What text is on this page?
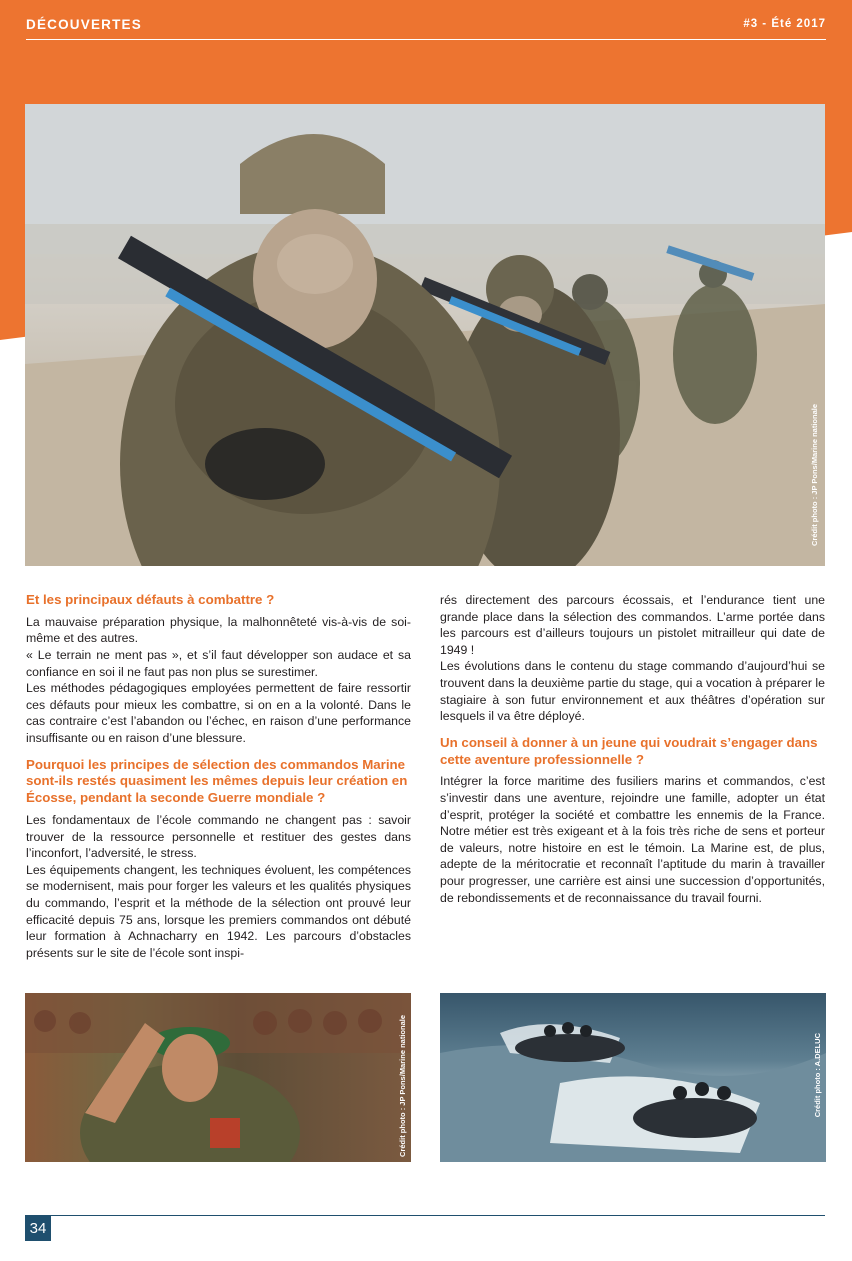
DÉCOUVERTES	#3 - Été 2017
Crédit photo : JP Pons/Marine nationale
Et les principaux défauts à combattre ?

La mauvaise préparation physique, la malhonnêteté vis-à-vis de soi-même et des autres.

« Le terrain ne ment pas », et s’il faut développer son audace et sa confiance en soi il ne faut pas non plus se surestimer.

Les méthodes pédagogiques employées permettent de faire ressortir ces défauts pour mieux les combattre, si on en a la volonté. Dans le cas contraire c’est l’abandon ou l’échec, en raison d’une performance insuffisante ou en raison d’une blessure.

Pourquoi les principes de sélection des commandos Marine sont-ils restés quasiment les mêmes depuis leur création en Écosse, pendant la seconde Guerre mondiale ?

Les fondamentaux de l’école commando ne changent pas : savoir trouver de la ressource personnelle et restituer des gestes dans l’inconfort, l’adversité, le stress.

Les équipements changent, les techniques évoluent, les compétences se modernisent, mais pour forger les valeurs et les qualités physiques du commando, l’esprit et la méthode de la sélection ont prouvé leur efficacité depuis 75 ans, lorsque les premiers commandos ont débuté leur formation à Achnacharry en 1942. Les parcours d’obstacles présents sur le site de l’école sont inspi-

rés directement des parcours écossais, et l’endurance tient une grande place dans la sélection des commandos. L’arme portée dans les parcours est d’ailleurs toujours un pistolet mitrailleur qui date de 1949 !

Les évolutions dans le contenu du stage commando d’aujourd’hui se trouvent dans la deuxième partie du stage, qui a vocation à préparer le stagiaire à son futur environnement et aux théâtres d’opération sur lesquels il va être déployé.

Un conseil à donner à un jeune qui voudrait s’engager dans cette aventure professionnelle ?

Intégrer la force maritime des fusiliers marins et commandos, c’est s’investir dans une aventure, rejoindre une famille, adopter un état d’esprit, protéger la société et combattre les ennemis de la France. Notre métier est très exigeant et à la fois très riche de sens et porteur de valeurs, notre histoire en est le témoin. La Marine est, de plus, adepte de la méritocratie et reconnaît l’aptitude du marin à travailler pour progresser, une carrière est ainsi une succession d’opportunités, de rebondissements et de reconnaissance du travail fourni.

Crédit photo : JP Pons/Marine nationale	Crédit photo : A.DELUC
34
